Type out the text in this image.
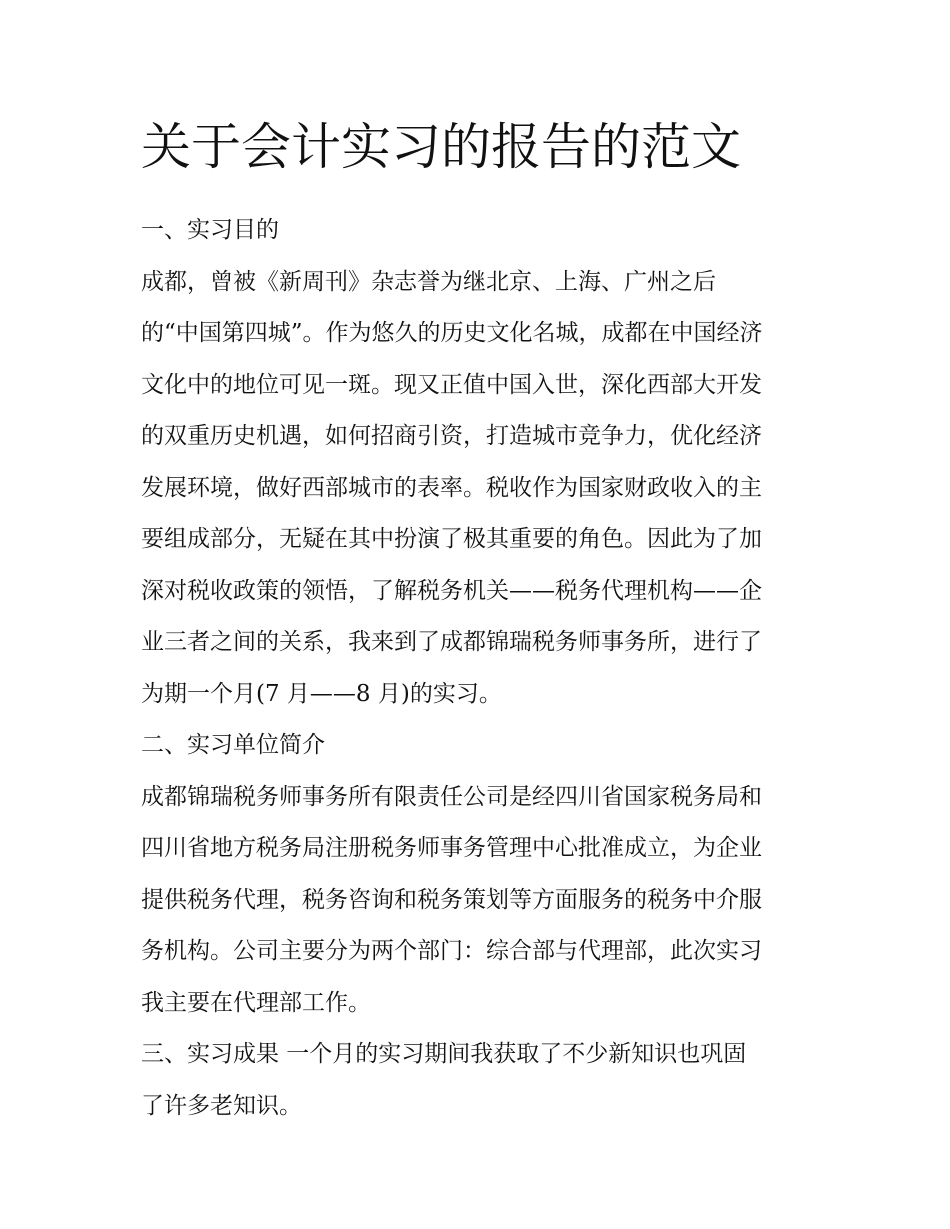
关于会计实习的报告的范文

一、实习目的

成都，曾被《新周刊》杂志誉为继北京、上海、广州之后

的“中国第四城”。作为悠久的历史文化名城，成都在中国经济

文化中的地位可见一斑。现又正值中国入世，深化西部大开发

的双重历史机遇，如何招商引资，打造城市竞争力，优化经济

发展环境，做好西部城市的表率。税收作为国家财政收入的主

要组成部分，无疑在其中扮演了极其重要的角色。因此为了加

深对税收政策的领悟，了解税务机关——税务代理机构——企

业三者之间的关系，我来到了成都锦瑞税务师事务所，进行了

为期一个月(7 月——8 月)的实习。

二、实习单位简介

成都锦瑞税务师事务所有限责任公司是经四川省国家税务局和

四川省地方税务局注册税务师事务管理中心批准成立，为企业

提供税务代理，税务咨询和税务策划等方面服务的税务中介服

务机构。公司主要分为两个部门：综合部与代理部，此次实习

我主要在代理部工作。

三、实习成果 一个月的实习期间我获取了不少新知识也巩固

了许多老知识。
